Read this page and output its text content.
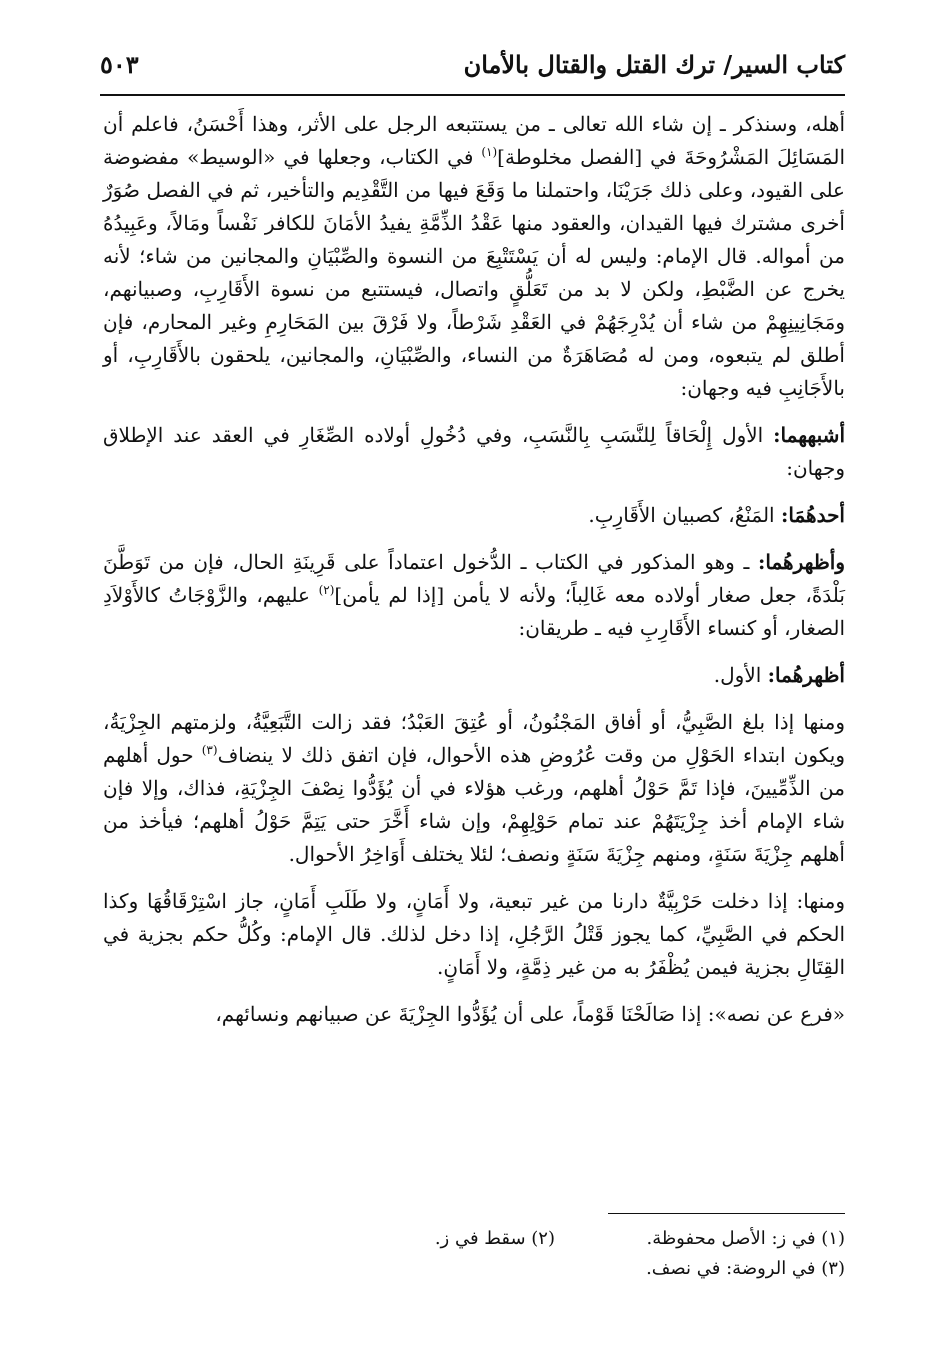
كتاب السير/ ترك القتل والقتال بالأمان
٥٠٣

أهله، وسنذكر ـ إن شاء الله تعالى ـ من يستتبعه الرجل على الأثر، وهذا أَحْسَنُ، فاعلم أن المَسَائِلَ المَشْرُوحَةَ في [الفصل مخلوطة]$^{(١)}$ في الكتاب، وجعلها في «الوسيط» مفضوضة على القيود، وعلى ذلك جَرَيْنَا، واحتملنا ما وَقَعَ فيها من التَّقْدِيم والتأخير، ثم في الفصل صُوَرٌ أخرى مشترك فيها القيدان، والعقود منها عَقْدُ الذِّمَّةِ يفيدُ الأمَانَ للكافر نَفْساً ومَالاً، وعَبِيدُهُ من أمواله. قال الإمام: وليس له أن يَسْتَتْبِعَ من النسوة والصِّبْيَانِ والمجانين من شاء؛ لأنه يخرج عن الضَّبْطِ، ولكن لا بد من تَعَلُّقٍ واتصال، فيستتبع من نسوة الأَقَارِبِ، وصبيانهم، ومَجَانِينِهِمْ من شاء أن يُدْرِجَهُمْ في العَقْدِ شَرْطاً، ولا فَرْقَ بين المَحَارِمِ وغير المحارم، فإن أطلق لم يتبعوه، ومن له مُصَاهَرَةٌ من النساء، والصِّبْيَانِ، والمجانين، يلحقون بالأَقَارِبِ، أو بالأَجَانِبِ فيه وجهان:

أشبههما: الأول إِلْحَاقاً لِلنَّسَبِ بِالنَّسَبِ، وفي دُخُولِ أولاده الصِّغَارِ في العقد عند الإطلاق وجهان:

أحدهُمَا: المَنْعُ، كصبيان الأَقَارِبِ.

وأظهرهُما: ـ وهو المذكور في الكتاب ـ الدُّخول اعتماداً على قَرِينَةِ الحال، فإن من تَوَطَّنَ بَلْدَةً، جعل صغار أولاده معه غَالِباً؛ ولأنه لا يأمن [إذا لم يأمن]$^{(٢)}$ عليهم، والزَّوْجَاتُ كالأَوْلاَدِ الصغار، أو كنساء الأَقَارِبِ فيه ـ طريقان:

أظهرهُما: الأول.

ومنها إذا بلغ الصَّبِيُّ، أو أفاق المَجْنُونُ، أو عُتِقَ العَبْدُ؛ فقد زالت التَّبَعِيَّةُ، ولزمتهم الجِزْيَةُ، ويكون ابتداء الحَوْلِ من وقت عُرُوضِ هذه الأحوال، فإن اتفق ذلك لا ينضاف$^{(٣)}$ حول أهلهم من الذِّمِّيينَ، فإذا تَمَّ حَوْلُ أهلهم، ورغب هؤلاء في أن يُؤَدُّوا نِصْفَ الجِزْيَةِ، فذاك، وإلا فإن شاء الإمام أخذ جِزْيَتَهُمْ عند تمام حَوْلِهِمْ، وإن شاء أَخَّرَ حتى يَتِمَّ حَوْلُ أهلهم؛ فيأخذ من أهلهم جِزْيَةَ سَنَةٍ، ومنهم جِزْيَةَ سَنَةٍ ونصف؛ لئلا يختلف أَوَاخِرُ الأحوال.

ومنها: إذا دخلت حَرْبِيَّةٌ دارنا من غير تبعية، ولا أَمَانٍ، ولا طَلَبِ أَمَانٍ، جاز اسْتِرْقَاقُهَا وكذا الحكم في الصَّبِيِّ، كما يجوز قَتْلُ الرَّجُلِ، إذا دخل لذلك. قال الإمام: وكُلُّ حكم بجزية في القِتَالِ بجزية فيمن يُظْفَرُ به من غير ذِمَّةٍ، ولا أَمَانٍ.

«فرع عن نصه»: إذا صَالَحْنَا قَوْماً، على أن يُؤَدُّوا الجِزْيَةَ عن صبيانهم ونسائهم،

(١) في ز: الأصل محفوظة.
(٢) سقط في ز.
(٣) في الروضة: في نصف.
